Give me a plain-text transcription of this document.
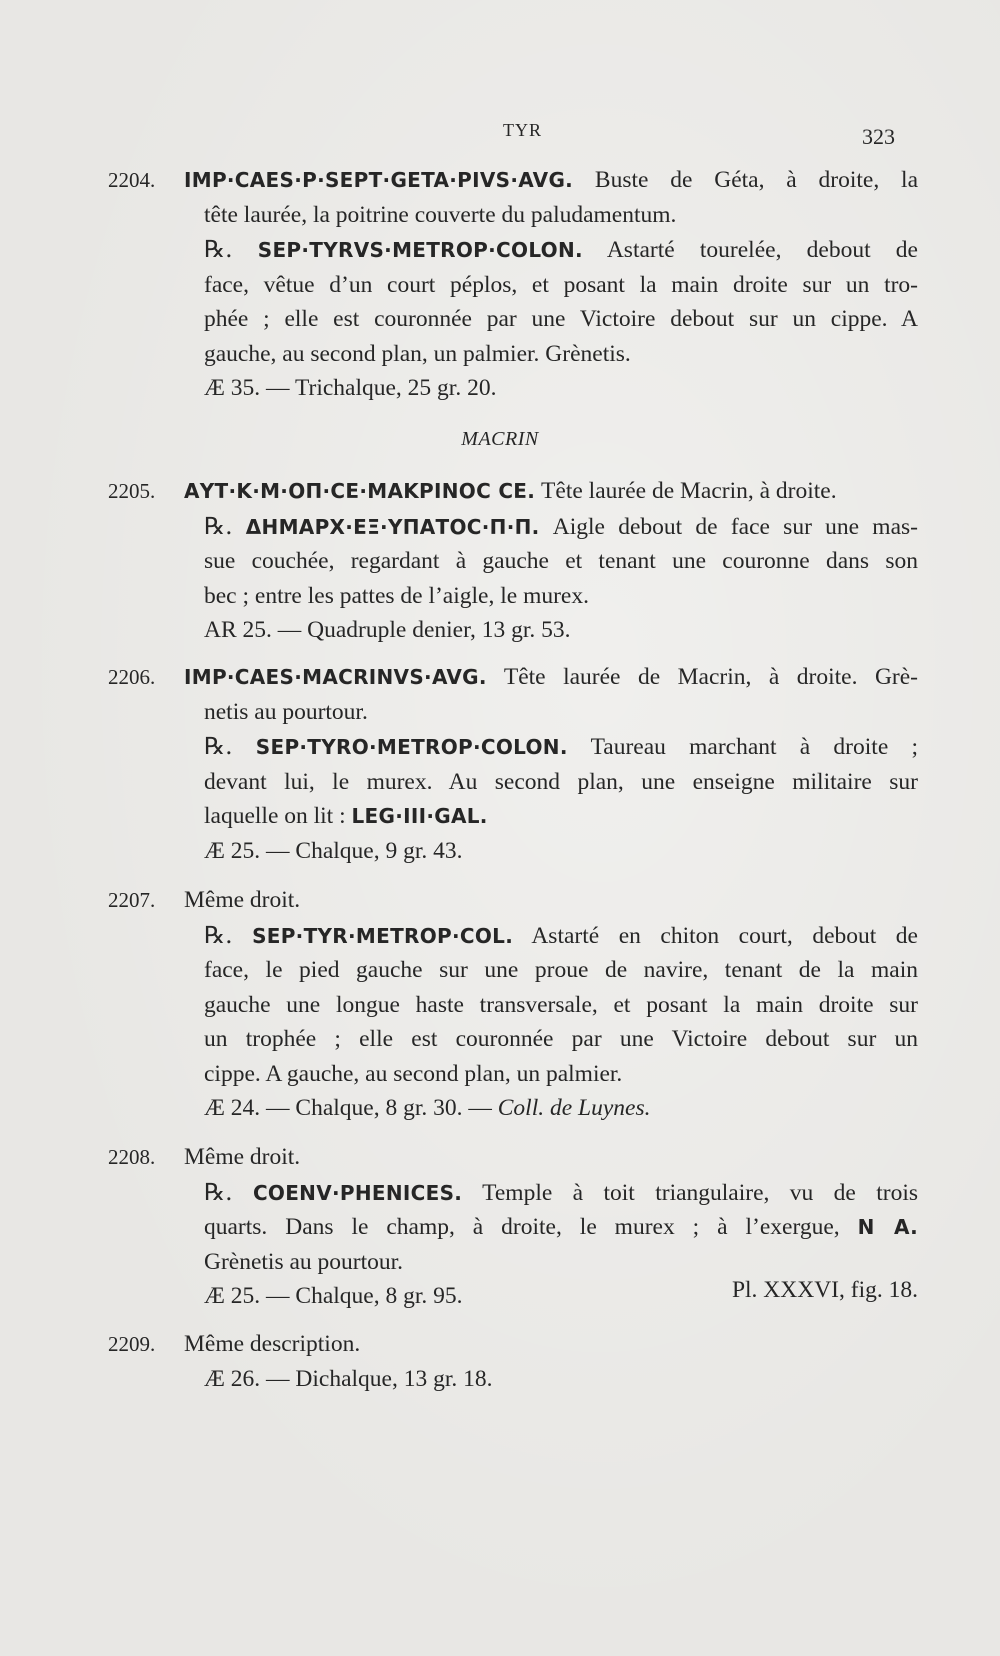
TYR	323
2204.	IMP·CAES·P·SEPT·GETA·PIVS·AVG. Buste de Géta, à droite, la
tête laurée, la poitrine couverte du paludamentum.
℞. SEP·TYRVS·METROP·COLON. Astarté tourelée, debout de
face, vêtue d’un court péplos, et posant la main droite sur un tro-
phée ; elle est couronnée par une Victoire debout sur un cippe. A
gauche, au second plan, un palmier. Grènetis.
Æ 35. — Trichalque, 25 gr. 20.
MACRIN
2205.	ΑΥΤ·Κ·Μ·ΟΠ·CΕ·ΜΑΚΡΙΝΟC CΕ. Tête laurée de Macrin, à droite.
℞. ΔΗΜΑΡΧ·ΕΞ·ΥΠΑΤΟC·Π·Π. Aigle debout de face sur une mas-
sue couchée, regardant à gauche et tenant une couronne dans son
bec ; entre les pattes de l’aigle, le murex.
AR 25. — Quadruple denier, 13 gr. 53.
2206.	IMP·CAES·MACRINVS·AVG. Tête laurée de Macrin, à droite. Grè-
netis au pourtour.
℞. SEP·TYRO·METROP·COLON. Taureau marchant à droite ;
devant lui, le murex. Au second plan, une enseigne militaire sur
laquelle on lit : LEG·III·GAL.
Æ 25. — Chalque, 9 gr. 43.
2207.	Même droit.
℞. SEP·TYR·METROP·COL. Astarté en chiton court, debout de
face, le pied gauche sur une proue de navire, tenant de la main
gauche une longue haste transversale, et posant la main droite sur
un trophée ; elle est couronnée par une Victoire debout sur un
cippe. A gauche, au second plan, un palmier.
Æ 24. — Chalque, 8 gr. 30. — Coll. de Luynes.
2208.	Même droit.
℞. COENV·PHENICES. Temple à toit triangulaire, vu de trois
quarts. Dans le champ, à droite, le murex ; à l’exergue, N A.
Grènetis au pourtour.
Æ 25. — Chalque, 8 gr. 95.	Pl. XXXVI, fig. 18.
2209.	Même description.
Æ 26. — Dichalque, 13 gr. 18.
